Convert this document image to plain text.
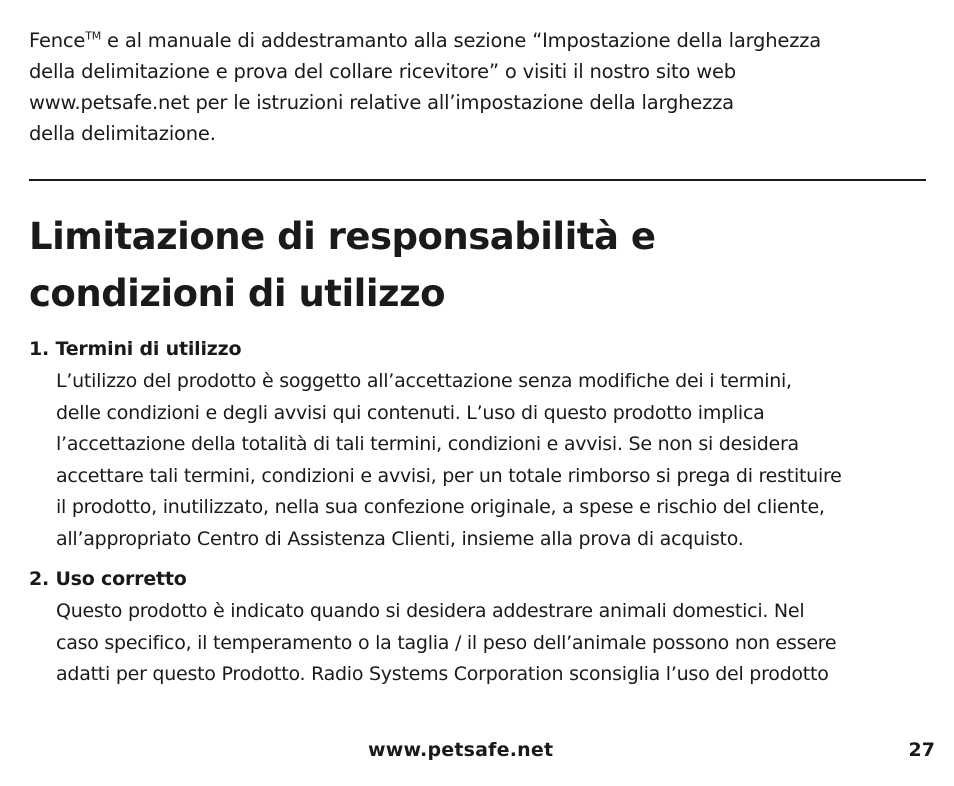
Fence™ e al manuale di addestramanto alla sezione “Impostazione della larghezza
della delimitazione e prova del collare ricevitore” o visiti il nostro sito web
www.petsafe.net per le istruzioni relative all’impostazione della larghezza
della delimitazione.

Limitazione di responsabilità e
condizioni di utilizzo
1. Termini di utilizzo

L’utilizzo del prodotto è soggetto all’accettazione senza modifiche dei i termini,
delle condizioni e degli avvisi qui contenuti. L’uso di questo prodotto implica
l’accettazione della totalità di tali termini, condizioni e avvisi. Se non si desidera
accettare tali termini, condizioni e avvisi, per un totale rimborso si prega di restituire
il prodotto, inutilizzato, nella sua confezione originale, a spese e rischio del cliente,
all’appropriato Centro di Assistenza Clienti, insieme alla prova di acquisto.

2. Uso corretto

Questo prodotto è indicato quando si desidera addestrare animali domestici. Nel
caso specifico, il temperamento o la taglia / il peso dell’animale possono non essere
adatti per questo Prodotto. Radio Systems Corporation sconsiglia l’uso del prodotto

www.petsafe.net	27
